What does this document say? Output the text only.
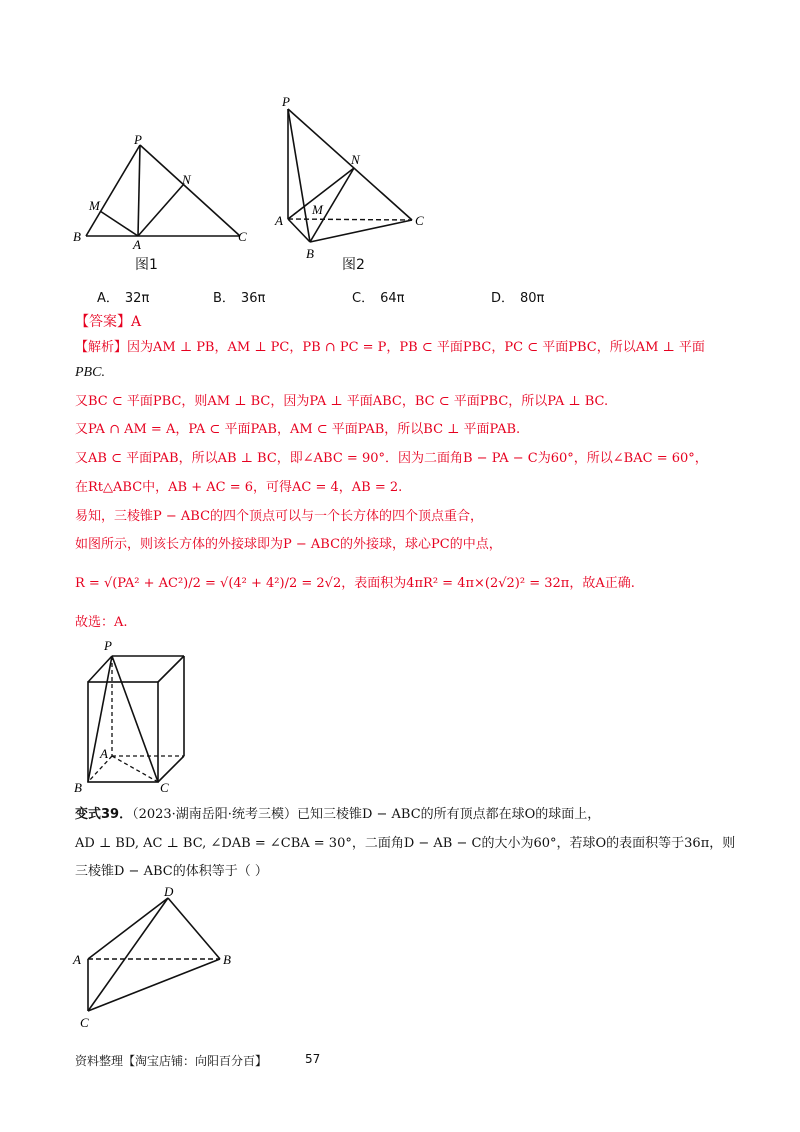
P
M
N
B
A
C
图1
P
N
A
M
C
B
图2
A． 32π	B． 36π	C． 64π	D． 80π
【答案】A
【解析】因为AM ⊥ PB，AM ⊥ PC，PB ∩ PC = P，PB ⊂ 平面PBC，PC ⊂ 平面PBC，所以AM ⊥ 平面
PBC.
又BC ⊂ 平面PBC，则AM ⊥ BC，因为PA ⊥ 平面ABC，BC ⊂ 平面PBC，所以PA ⊥ BC.
又PA ∩ AM = A，PA ⊂ 平面PAB，AM ⊂ 平面PAB，所以BC ⊥ 平面PAB.
又AB ⊂ 平面PAB，所以AB ⊥ BC，即∠ABC = 90°．因为二面角B − PA − C为60°，所以∠BAC = 60°，
在Rt△ABC中，AB + AC = 6，可得AC = 4，AB = 2.
易知，三棱锥P − ABC的四个顶点可以与一个长方体的四个顶点重合，
如图所示，则该长方体的外接球即为P − ABC的外接球，球心PC的中点，
R = √(PA² + AC²)/2 = √(4² + 4²)/2 = 2√2，表面积为4πR² = 4π×(2√2)² = 32π，故A正确.
故选：A.
P
A
B	C
变式39．（2023·湖南岳阳·统考三模）已知三棱锥D − ABC的所有顶点都在球O的球面上，
AD ⊥ BD, AC ⊥ BC, ∠DAB = ∠CBA = 30°，二面角D − AB − C的大小为60°，若球O的表面积等于36π，则
三棱锥D − ABC的体积等于（ ）
D
A	B
C
资料整理【淘宝店铺：向阳百分百】	57
